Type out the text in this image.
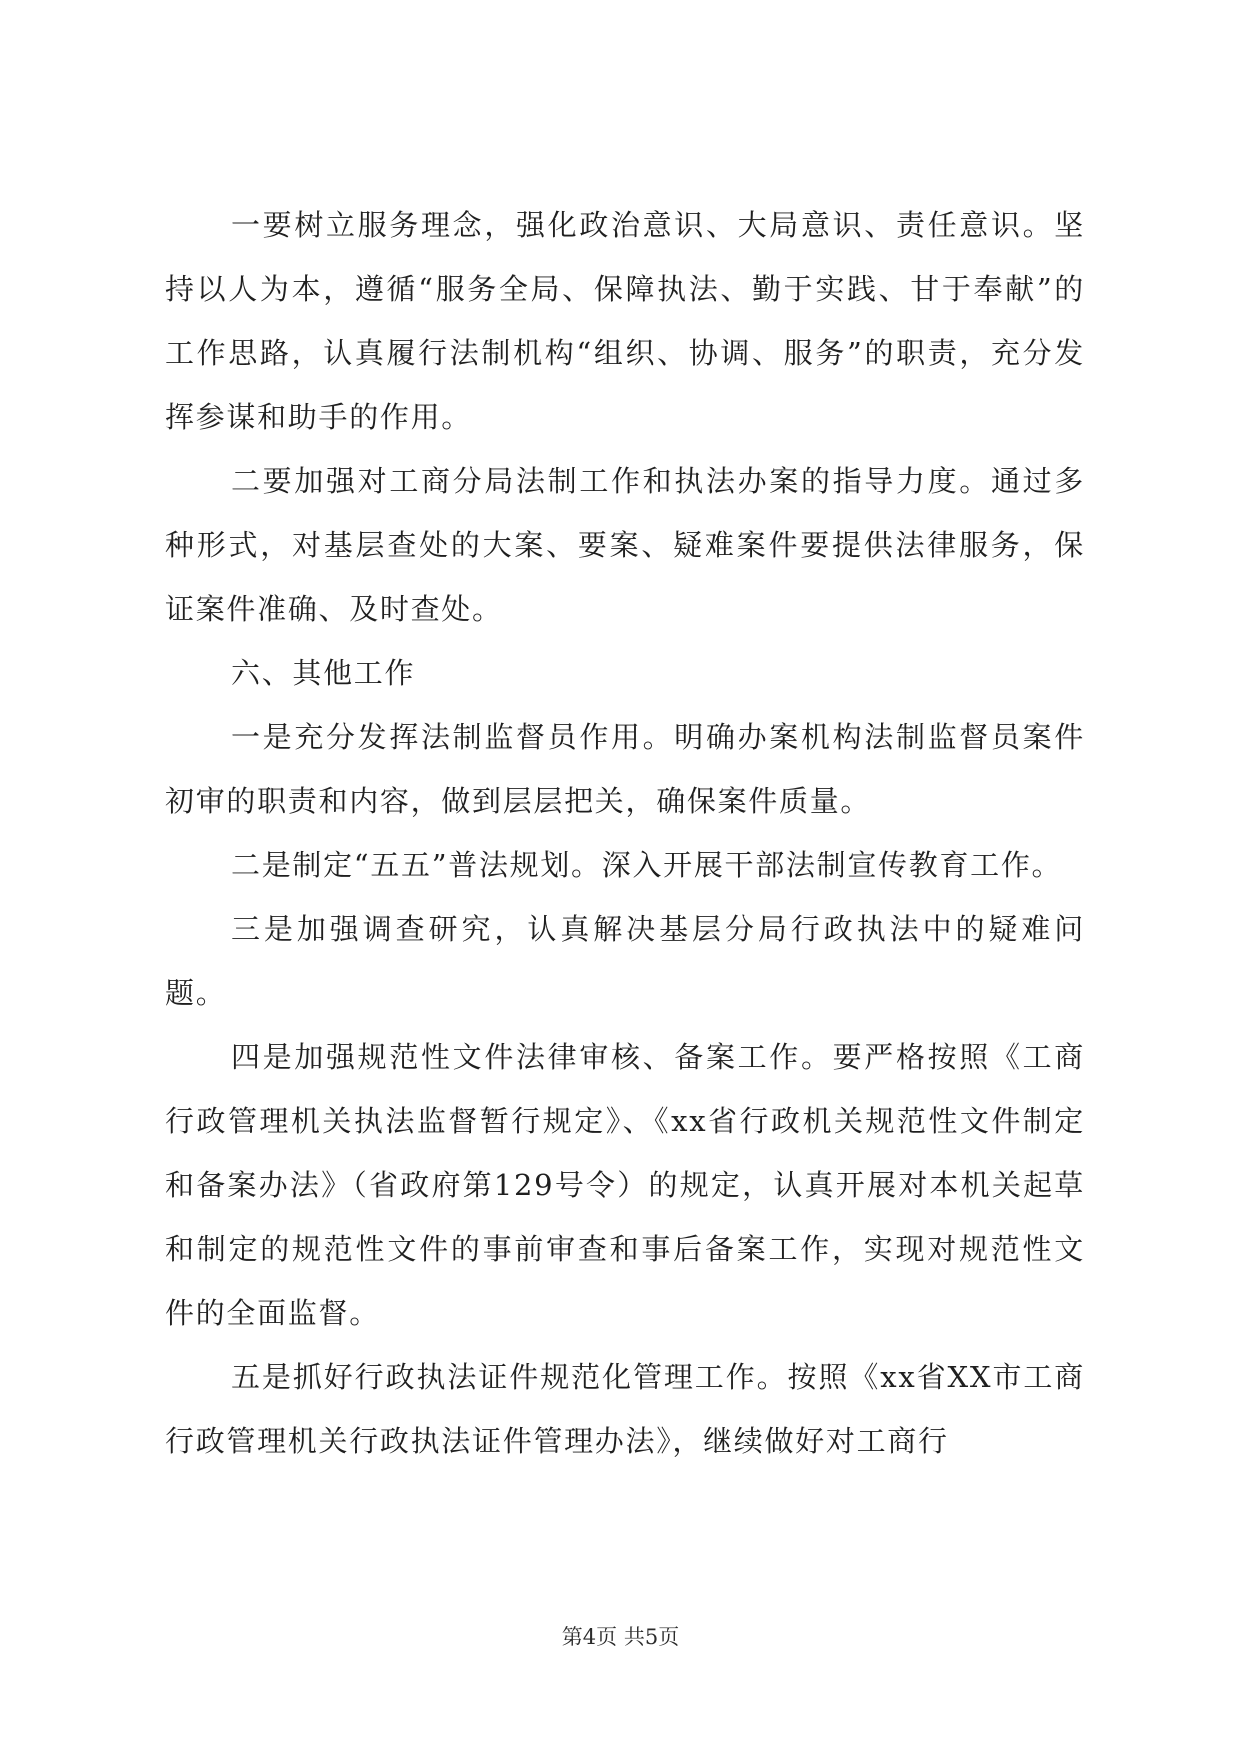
一要树立服务理念，强化政治意识、大局意识、责任意识。坚持以人为本，遵循“服务全局、保障执法、勤于实践、甘于奉献”的工作思路，认真履行法制机构“组织、协调、服务”的职责，充分发挥参谋和助手的作用。

二要加强对工商分局法制工作和执法办案的指导力度。通过多种形式，对基层查处的大案、要案、疑难案件要提供法律服务，保证案件准确、及时查处。

六、其他工作

一是充分发挥法制监督员作用。明确办案机构法制监督员案件初审的职责和内容，做到层层把关，确保案件质量。

二是制定“五五”普法规划。深入开展干部法制宣传教育工作。

三是加强调查研究，认真解决基层分局行政执法中的疑难问题。

四是加强规范性文件法律审核、备案工作。要严格按照《工商行政管理机关执法监督暂行规定》、《xx省行政机关规范性文件制定和备案办法》（省政府第129号令）的规定，认真开展对本机关起草和制定的规范性文件的事前审查和事后备案工作，实现对规范性文件的全面监督。

五是抓好行政执法证件规范化管理工作。按照《xx省XX市工商行政管理机关行政执法证件管理办法》，继续做好对工商行

第4页 共5页
